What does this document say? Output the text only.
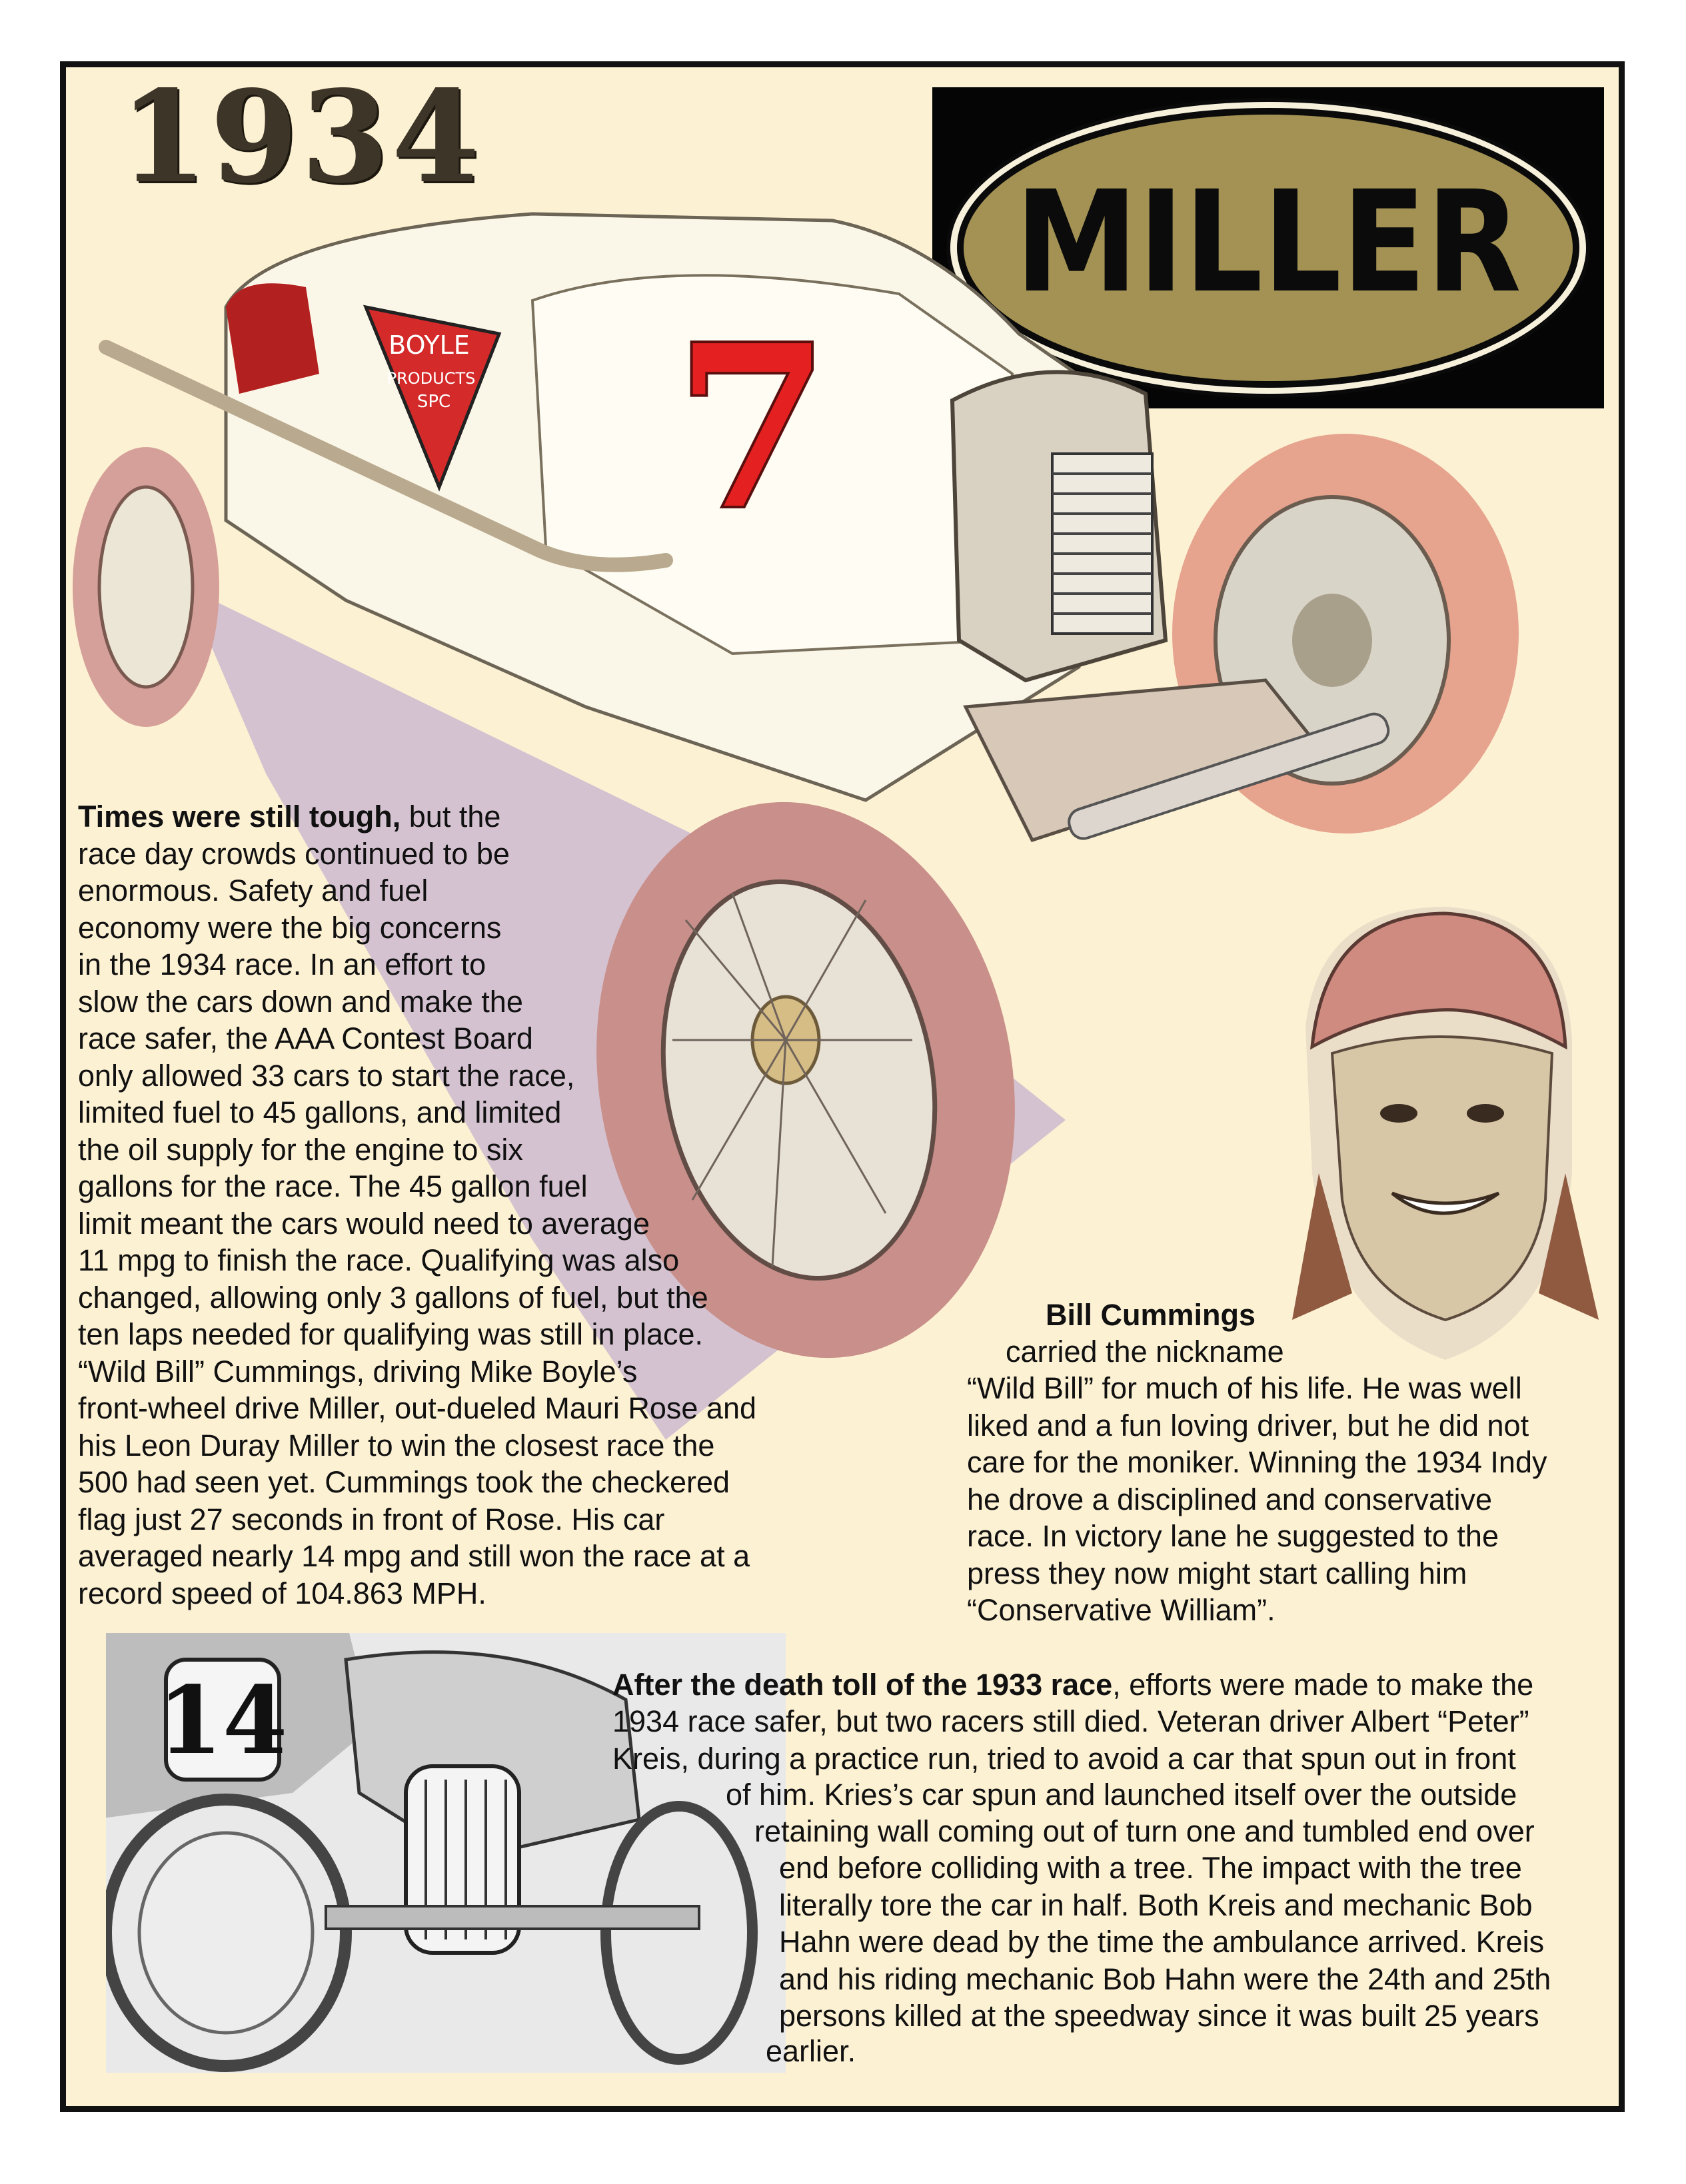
1934
MILLER
BOYLE
PRODUCTS
SPC 7
14
Times were still tough, but the
race day crowds continued to be
enormous. Safety and fuel
economy were the big concerns
in the 1934 race. In an effort to
slow the cars down and make the
race safer, the AAA Contest Board
only allowed 33 cars to start the race,
limited fuel to 45 gallons, and limited
the oil supply for the engine to six
gallons for the race. The 45 gallon fuel
limit meant the cars would need to average
11 mpg to finish the race. Qualifying was also
changed, allowing only 3 gallons of fuel, but the
ten laps needed for qualifying was still in place.
“Wild Bill” Cummings, driving Mike Boyle’s
front-wheel drive Miller, out-dueled Mauri Rose and
his Leon Duray Miller to win the closest race the
500 had seen yet. Cummings took the checkered
flag just 27 seconds in front of Rose. His car
averaged nearly 14 mpg and still won the race at a
record speed of 104.863 MPH.
Bill Cummings
carried the nickname
“Wild Bill” for much of his life. He was well
liked and a fun loving driver, but he did not
care for the moniker. Winning the 1934 Indy
he drove a disciplined and conservative
race. In victory lane he suggested to the
press they now might start calling him
“Conservative William”.
After the death toll of the 1933 race, efforts were made to make the
1934 race safer, but two racers still died. Veteran driver Albert “Peter”
Kreis, during a practice run, tried to avoid a car that spun out in front
of him. Kries’s car spun and launched itself over the outside
retaining wall coming out of turn one and tumbled end over
end before colliding with a tree. The impact with the tree
literally tore the car in half. Both Kreis and mechanic Bob
Hahn were dead by the time the ambulance arrived. Kreis
and his riding mechanic Bob Hahn were the 24th and 25th
persons killed at the speedway since it was built 25 years
earlier.
